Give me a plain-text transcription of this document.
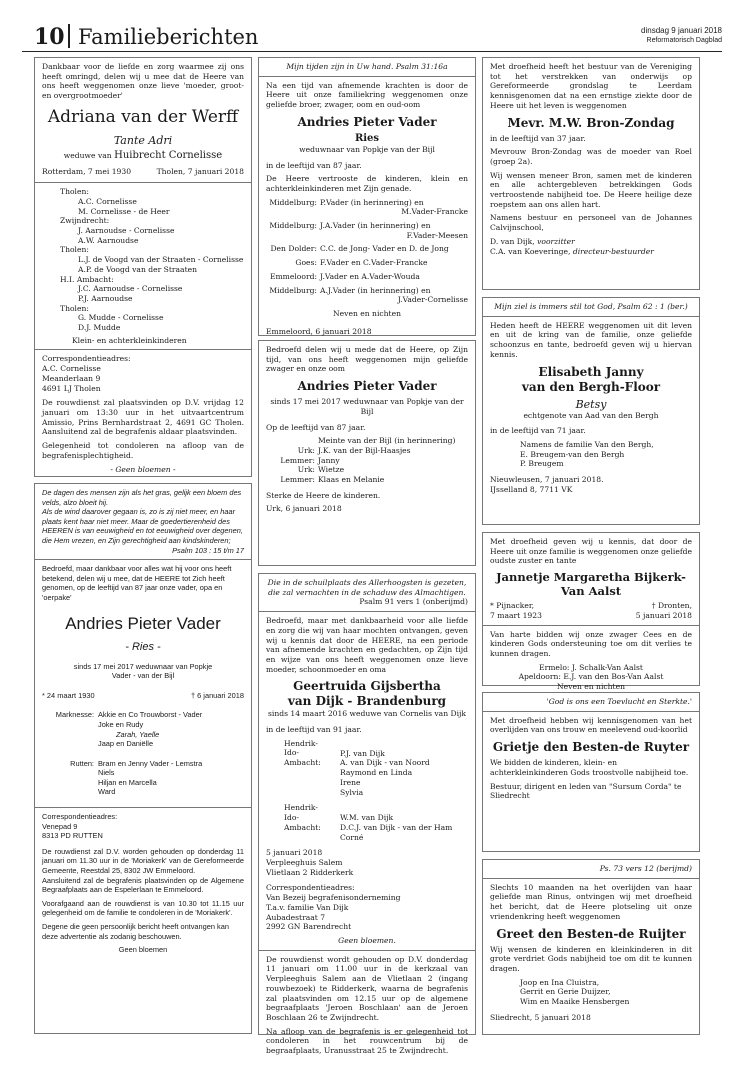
10 Familieberichten	dinsdag 9 januari 2018
Reformatorisch Dagblad

Dankbaar voor de liefde en zorg waarmee zij ons heeft omringd, delen wij u mee dat de Heere van ons heeft weggenomen onze lieve 'moeder, groot- en overgrootmoeder'

Adriana van der Werff
Tante Adri
weduwe van Huibrecht Cornelisse
Rotterdam, 7 mei 1930	Tholen, 7 januari 2018
Tholen:
A.C. Cornelisse
M. Cornelisse - de Heer
Zwijndrecht:
J. Aarnoudse - Cornelisse
A.W. Aarnoudse
Tholen:
L.J. de Voogd van der Straaten - Cornelisse
A.P. de Voogd van der Straaten
H.I. Ambacht:
J.C. Aarnoudse - Cornelisse
P.J. Aarnoudse
Tholen:
G. Mudde - Cornelisse
D.J. Mudde
Klein- en achterkleinkinderen
Correspondentieadres:
A.C. Cornelisse
Meanderlaan 9
4691 LJ Tholen

De rouwdienst zal plaatsvinden op D.V. vrijdag 12 januari om 13:30 uur in het uitvaartcentrum Amissio, Prins Bernhardstraat 2, 4691 GC Tholen. Aansluitend zal de begrafenis aldaar plaatsvinden.

Gelegenheid tot condoleren na afloop van de begrafenisplechtigheid.

- Geen bloemen -
Mijn tijden zijn in Uw hand. Psalm 31:16a

Na een tijd van afnemende krachten is door de Heere uit onze familiekring weggenomen onze geliefde broer, zwager, oom en oud-oom

Andries Pieter Vader
Ries
weduwnaar van Popkje van der Bijl

in de leeftijd van 87 jaar.

De Heere vertrooste de kinderen, klein en achterkleinkinderen met Zijn genade.

Middelburg: P.Vader (in herinnering) en
M.Vader-Francke
Middelburg: J.A.Vader (in herinnering) en
F.Vader-Meesen
Den Dolder: C.C. de Jong- Vader en D. de Jong
Goes: F.Vader en C.Vader-Francke
Emmeloord: J.Vader en A.Vader-Wouda
Middelburg: A.J.Vader (in herinnering) en
J.Vader-Cornelisse
Neven en nichten

Emmeloord, 6 januari 2018

Met droefheid heeft het bestuur van de Vereniging tot het verstrekken van onderwijs op Gereformeerde grondslag te Leerdam kennisgenomen dat na een ernstige ziekte door de Heere uit het leven is weggenomen

Mevr. M.W. Bron-Zondag

in de leeftijd van 37 jaar.

Mevrouw Bron-Zondag was de moeder van Roel (groep 2a).

Wij wensen meneer Bron, samen met de kinderen en alle achtergebleven betrekkingen Gods vertroostende nabijheid toe. De Heere heilige deze roepstem aan ons allen hart.

Namens bestuur en personeel van de Johannes Calvijnschool,

D. van Dijk, voorzitter
C.A. van Koeveringe, directeur-bestuurder
Mijn ziel is immers stil tot God, Psalm 62 : 1 (ber.)

Heden heeft de HEERE weggenomen uit dit leven en uit de kring van de familie, onze geliefde schoonzus en tante, bedroefd geven wij u hiervan kennis.

Elisabeth Janny
van den Bergh-Floor
Betsy
echtgenote van Aad van den Bergh

in de leeftijd van 71 jaar.

Namens de familie Van den Bergh,
E. Breugem-van den Bergh
P. Breugem
Nieuwleusen, 7 januari 2018.
IJsselland 8, 7711 VK

Bedroefd delen wij u mede dat de Heere, op Zijn tijd, van ons heeft weggenomen mijn geliefde zwager en onze oom

Andries Pieter Vader
sinds 17 mei 2017 weduwnaar van Popkje van der Bijl

Op de leeftijd van 87 jaar.

Meinte van der Bijl (in herinnering)
Urk: J.K. van der Bijl-Haasjes
Lemmer: Janny
Urk: Wietze
Lemmer: Klaas en Melanie

Sterke de Heere de kinderen.

Urk, 6 januari 2018

De dagen des mensen zijn als het gras, gelijk een bloem des velds, alzo bloeit hij.
Als de wind daarover gegaan is, zo is zij niet meer, en haar plaats kent haar niet meer. Maar de goedertierenheid des HEEREN is van eeuwigheid en tot eeuwigheid over degenen, die Hem vrezen, en Zijn gerechtigheid aan kindskinderen;
Psalm 103 : 15 t/m 17

Bedroefd, maar dankbaar voor alles wat hij voor ons heeft betekend, delen wij u mee, dat de HEERE tot Zich heeft genomen, op de leeftijd van 87 jaar onze vader, opa en 'oerpake'

Andries Pieter Vader
- Ries -
sinds 17 mei 2017 weduwnaar van Popkje Vader - van der Bijl
* 24 maart 1930	† 6 januari 2018
Marknesse: Akkie en Co Trouwborst - Vader
Joke en Rudy
Zarah, Yaelle
Jaap en Daniëlle
Rutten: Bram en Jenny Vader - Lemstra
Niels
Hiljan en Marcella
Ward
Correspondentieadres:
Venepad 9
8313 PD RUTTEN

De rouwdienst zal D.V. worden gehouden op donderdag 11 januari om 11.30 uur in de 'Moriakerk' van de Gereformeerde Gemeente, Reestdal 25, 8302 JW Emmeloord.

Aansluitend zal de begrafenis plaatsvinden op de Algemene Begraafplaats aan de Espelerlaan te Emmeloord.

Voorafgaand aan de rouwdienst is van 10.30 tot 11.15 uur gelegenheid om de familie te condoleren in de 'Moriakerk'.

Degene die geen persoonlijk bericht heeft ontvangen kan deze advertentie als zodanig beschouwen.

Geen bloemen

Met droefheid geven wij u kennis, dat door de Heere uit onze familie is weggenomen onze geliefde oudste zuster en tante

Jannetje Margaretha Bijkerk-Van Aalst
* Pijnacker,
7 maart 1923
† Dronten,
5 januari 2018

Van harte bidden wij onze zwager Cees en de kinderen Gods ondersteuning toe om dit verlies te kunnen dragen.

Ermelo: J. Schalk-Van Aalst
Apeldoorn: E.J. van den Bos-Van Aalst
Neven en nichten
Die in de schuilplaats des Allerhoogsten is gezeten, die zal vernachten in de schaduw des Almachtigen.
Psalm 91 vers 1 (onberijmd)

Bedroefd, maar met dankbaarheid voor alle liefde en zorg die wij van haar mochten ontvangen, geven wij u kennis dat door de HEERE, na een periode van afnemende krachten en gedachten, op Zijn tijd en wijze van ons heeft weggenomen onze lieve moeder, schoonmoeder en oma

Geertruida Gijsbertha
van Dijk - Brandenburg
sinds 14 maart 2016 weduwe van Cornelis van Dijk

in de leeftijd van 91 jaar.

Hendrik-Ido-
Ambacht:
P.J. van Dijk
A. van Dijk - van Noord
Raymond en Linda
Irene
Sylvia
Hendrik-Ido-
Ambacht:
W.M. van Dijk
D.C.J. van Dijk - van der Ham
Corné
5 januari 2018
Verpleeghuis Salem
Vlietlaan 2 Ridderkerk
Correspondentieadres:
Van Bezeij begrafenisonderneming
T.a.v. familie Van Dijk
Aubadestraat 7
2992 GN Barendrecht
Geen bloemen.

De rouwdienst wordt gehouden op D.V. donderdag 11 januari om 11.00 uur in de kerkzaal van Verpleeghuis Salem aan de Vlietlaan 2 (ingang rouwbezoek) te Ridderkerk, waarna de begrafenis zal plaatsvinden om 12.15 uur op de algemene begraafplaats 'Jeroen Boschlaan' aan de Jeroen Boschlaan 26 te Zwijndrecht.

Na afloop van de begrafenis is er gelegenheid tot condoleren in het rouwcentrum bij de begraafplaats, Uranusstraat 25 te Zwijndrecht.

'God is ons een Toevlucht en Sterkte.'

Met droefheid hebben wij kennisgenomen van het overlijden van ons trouw en meelevend oud-koorlid

Grietje den Besten-de Ruyter

We bidden de kinderen, klein- en achterkleinkinderen Gods troostvolle nabijheid toe.

Bestuur, dirigent en leden van "Sursum Corda" te Sliedrecht

Ps. 73 vers 12 (berijmd)

Slechts 10 maanden na het overlijden van haar geliefde man Rinus, ontvingen wij met droefheid het bericht, dat de Heere plotseling uit onze vriendenkring heeft weggenomen

Greet den Besten-de Ruijter

Wij wensen de kinderen en kleinkinderen in dit grote verdriet Gods nabijheid toe om dit te kunnen dragen.

Joop en Ina Cluistra,
Gerrit en Gerie Duijzer,
Wim en Maaike Hensbergen
Sliedrecht, 5 januari 2018
